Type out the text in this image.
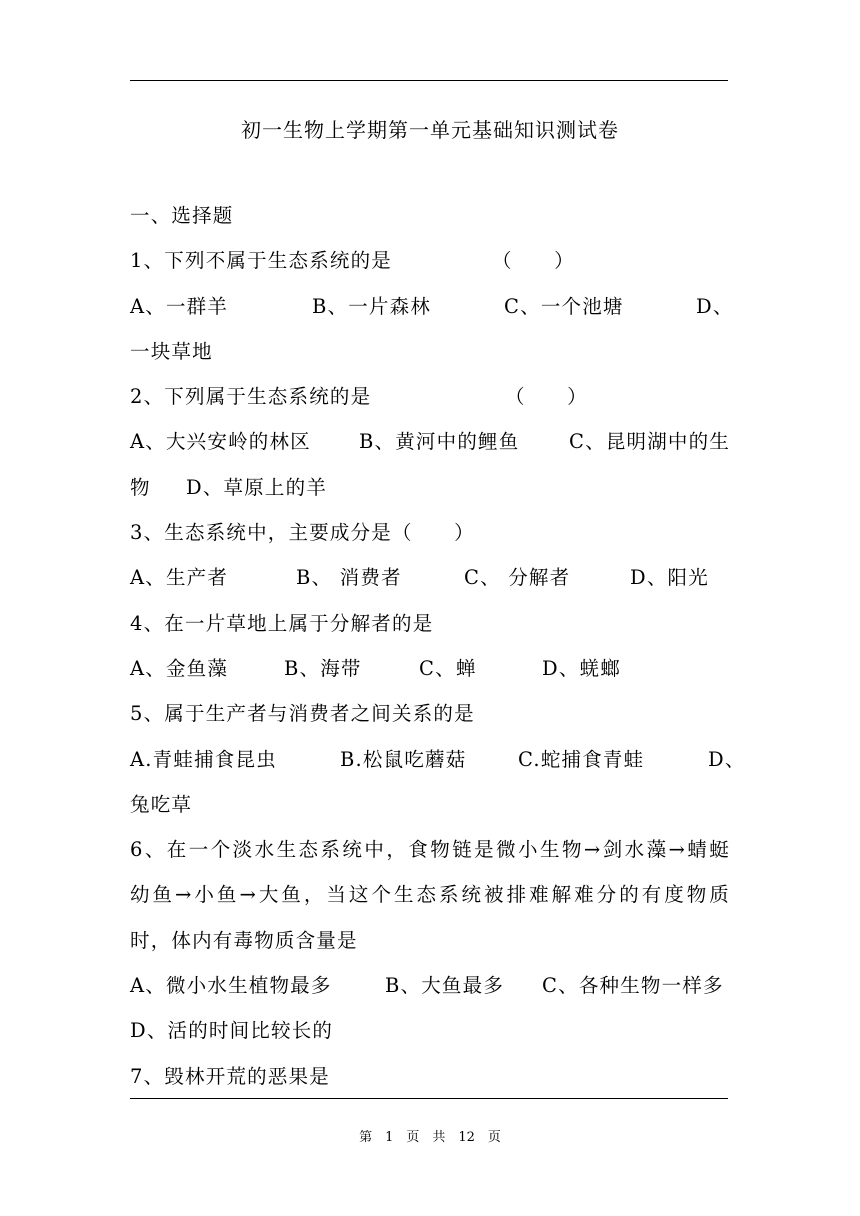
初一生物上学期第一单元基础知识测试卷
一、选择题
1、下列不属于生态系统的是	（　　）
A、一群羊	B、一片森林	C、一个池塘	D、
一块草地
2、下列属于生态系统的是	（　　）
A、大兴安岭的林区 B、黄河中的鲤鱼	C、昆明湖中的生
物 D、草原上的羊
3、生态系统中，主要成分是（　　）
A、生产者	B、 消费者	C、 分解者	D、阳光
4、在一片草地上属于分解者的是
A、金鱼藻	B、海带	C、蝉	D、蜣螂
5、属于生产者与消费者之间关系的是
A.青蛙捕食昆虫	B.松鼠吃蘑菇	C.蛇捕食青蛙	D、
兔吃草
6、在一个淡水生态系统中，食物链是微小生物→剑水藻→蜻蜓
幼鱼→小鱼→大鱼，当这个生态系统被排难解难分的有度物质
时，体内有毒物质含量是
A、微小水生植物最多	B、大鱼最多 C、各种生物一样多
D、活的时间比较长的
7、毁林开荒的恶果是
第　1　页　共　12　页
